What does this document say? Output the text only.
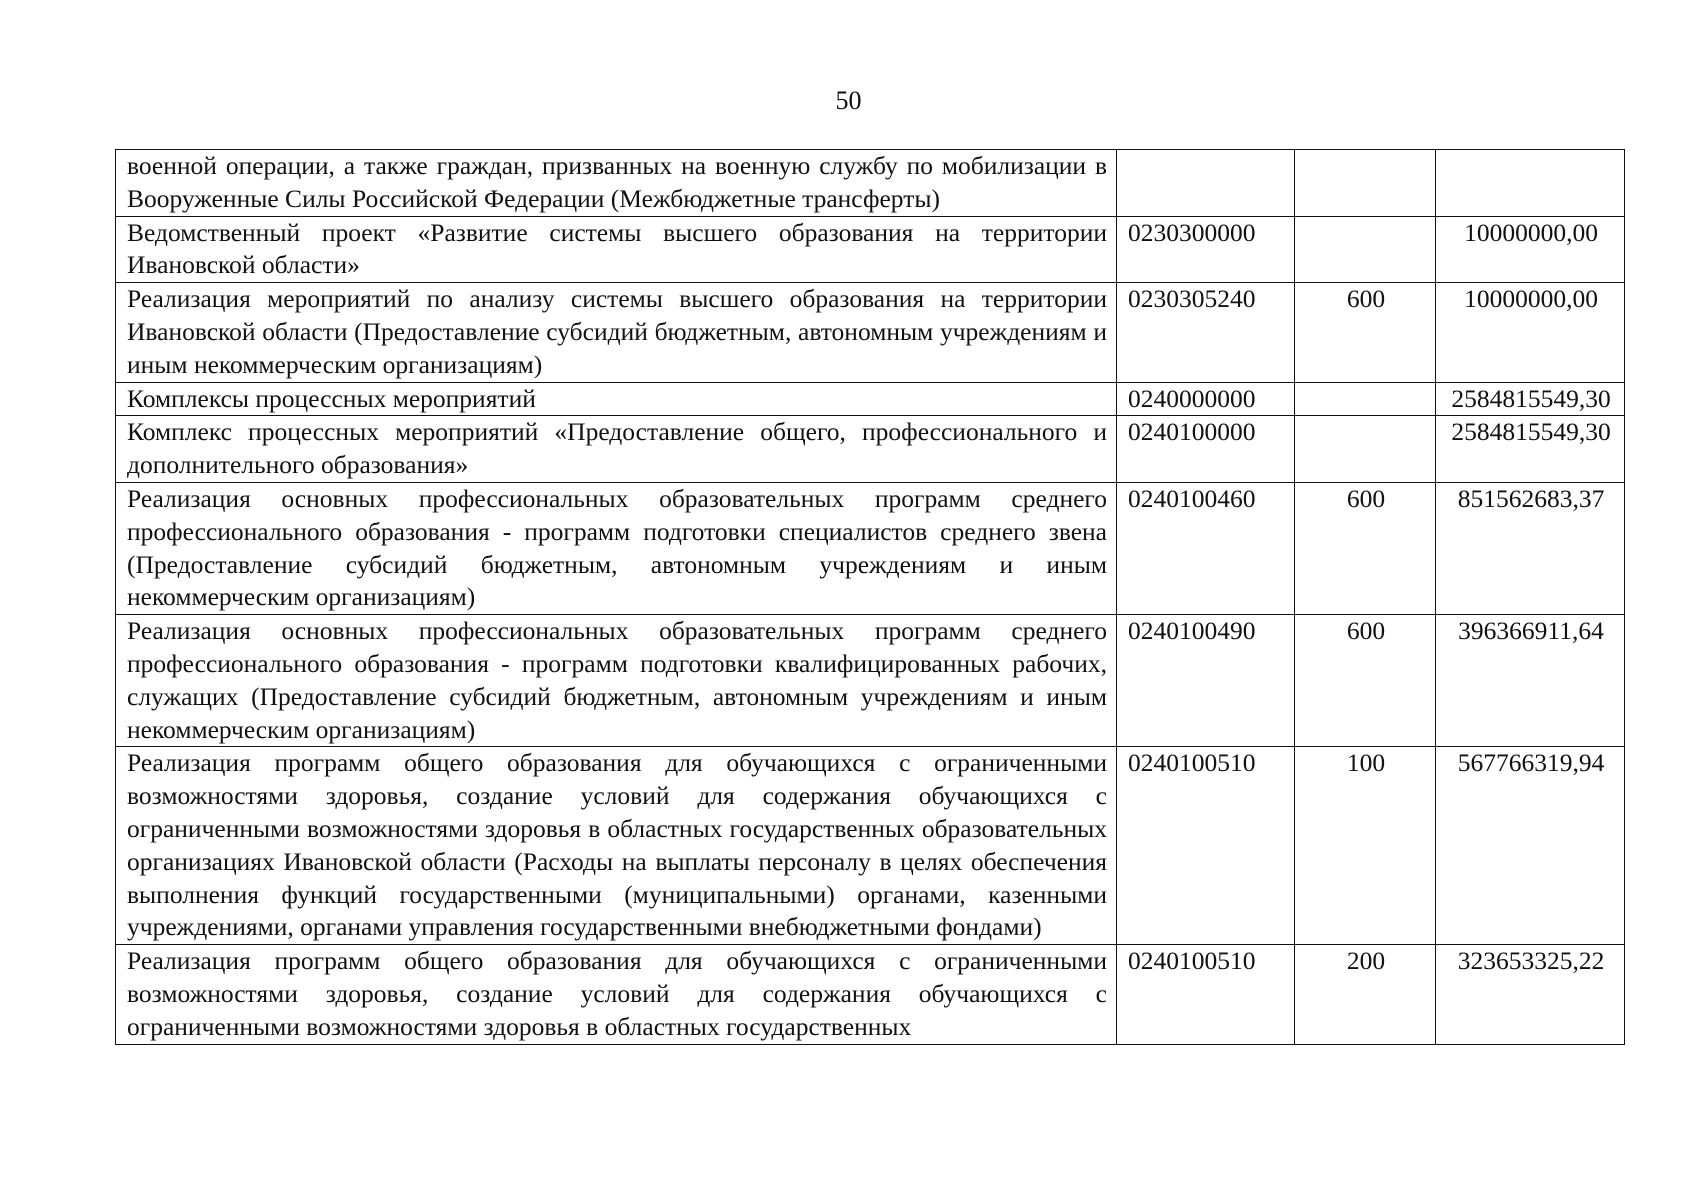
50
военной операции, а также граждан, призванных на военную службу по мобилизации в Вооруженные Силы Российской Федерации (Межбюджетные трансферты)			

Ведомственный проект «Развитие системы высшего образования на территории Ивановской области»	0230300000		10000000,00

Реализация мероприятий по анализу системы высшего образования на территории Ивановской области (Предоставление субсидий бюджетным, автономным учреждениям и иным некоммерческим организациям)	0230305240	600	10000000,00

Комплексы процессных мероприятий	0240000000		2584815549,30

Комплекс процессных мероприятий «Предоставление общего, профессионального и дополнительного образования»	0240100000		2584815549,30

Реализация основных профессиональных образовательных программ среднего профессионального образования - программ подготовки специалистов среднего звена (Предоставление субсидий бюджетным, автономным учреждениям и иным некоммерческим организациям)	0240100460	600	851562683,37

Реализация основных профессиональных образовательных программ среднего профессионального образования - программ подготовки квалифицированных рабочих, служащих (Предоставление субсидий бюджетным, автономным учреждениям и иным некоммерческим организациям)	0240100490	600	396366911,64

Реализация программ общего образования для обучающихся с ограниченными возможностями здоровья, создание условий для содержания обучающихся с ограниченными возможностями здоровья в областных государственных образовательных организациях Ивановской области (Расходы на выплаты персоналу в целях обеспечения выполнения функций государственными (муниципальными) органами, казенными учреждениями, органами управления государственными внебюджетными фондами)	0240100510	100	567766319,94

Реализация программ общего образования для обучающихся с ограниченными возможностями здоровья, создание условий для содержания обучающихся с ограниченными возможностями здоровья в областных государственных	0240100510	200	323653325,22
